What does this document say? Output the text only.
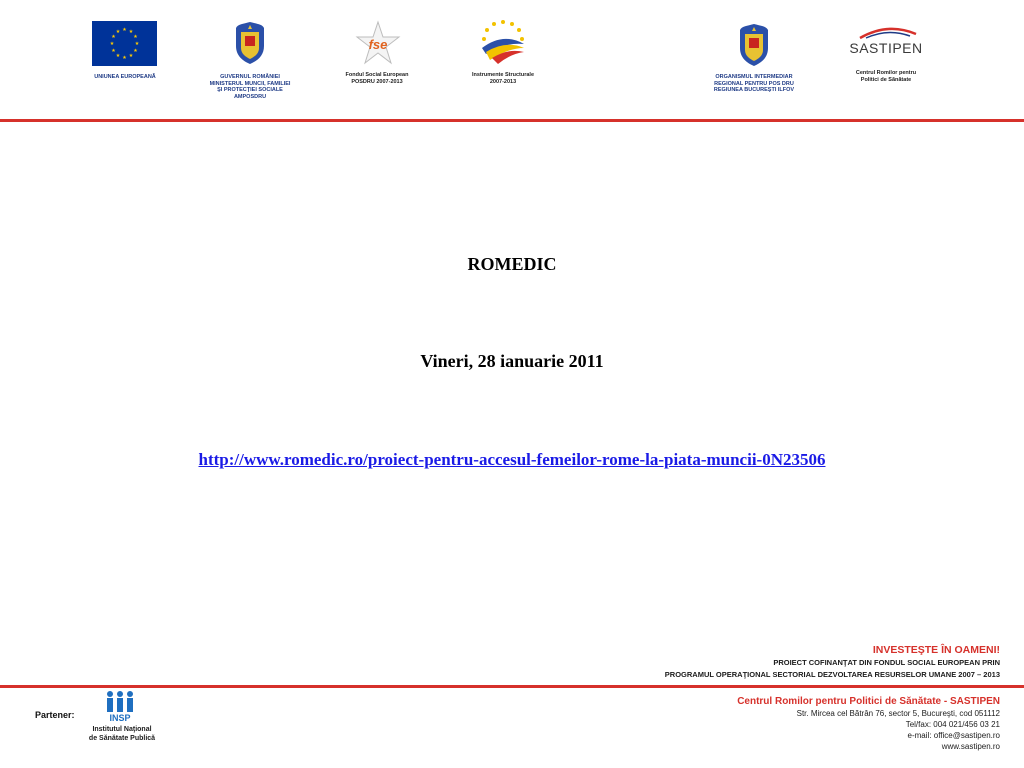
★ ★
★
★
★
★
★
★
★
★
★
★
UNIUNEA EUROPEANĂ	GUVERNUL ROMÂNIEI
MINISTERUL MUNCII, FAMILIEI
ŞI PROTECŢIEI SOCIALE
AMPOSDRU
fse
Fondul Social European
POSDRU 2007-2013
Instrumente Structurale
2007-2013
ORGANISMUL INTERMEDIAR
REGIONAL PENTRU POS DRU
REGIUNEA BUCUREŞTI ILFOV
SASTIPEN
Centrul Romilor pentru
Politici de Sănătate
ROMEDIC
Vineri, 28 ianuarie 2011
http://www.romedic.ro/proiect-pentru-accesul-femeilor-rome-la-piata-muncii-0N23506
INVESTEŞTE ÎN OAMENI!
PROIECT COFINANŢAT DIN FONDUL SOCIAL EUROPEAN PRIN
PROGRAMUL OPERAŢIONAL SECTORIAL DEZVOLTAREA RESURSELOR UMANE 2007 – 2013
Partener:	INSP
Institutul Naţional
de Sănătate Publică
Centrul Romilor pentru Politici de Sănătate - SASTIPEN
Str. Mircea cel Bătrân 76, sector 5, Bucureşti, cod 051112
Tel/fax: 004 021/456 03 21
e-mail: office@sastipen.ro
www.sastipen.ro
